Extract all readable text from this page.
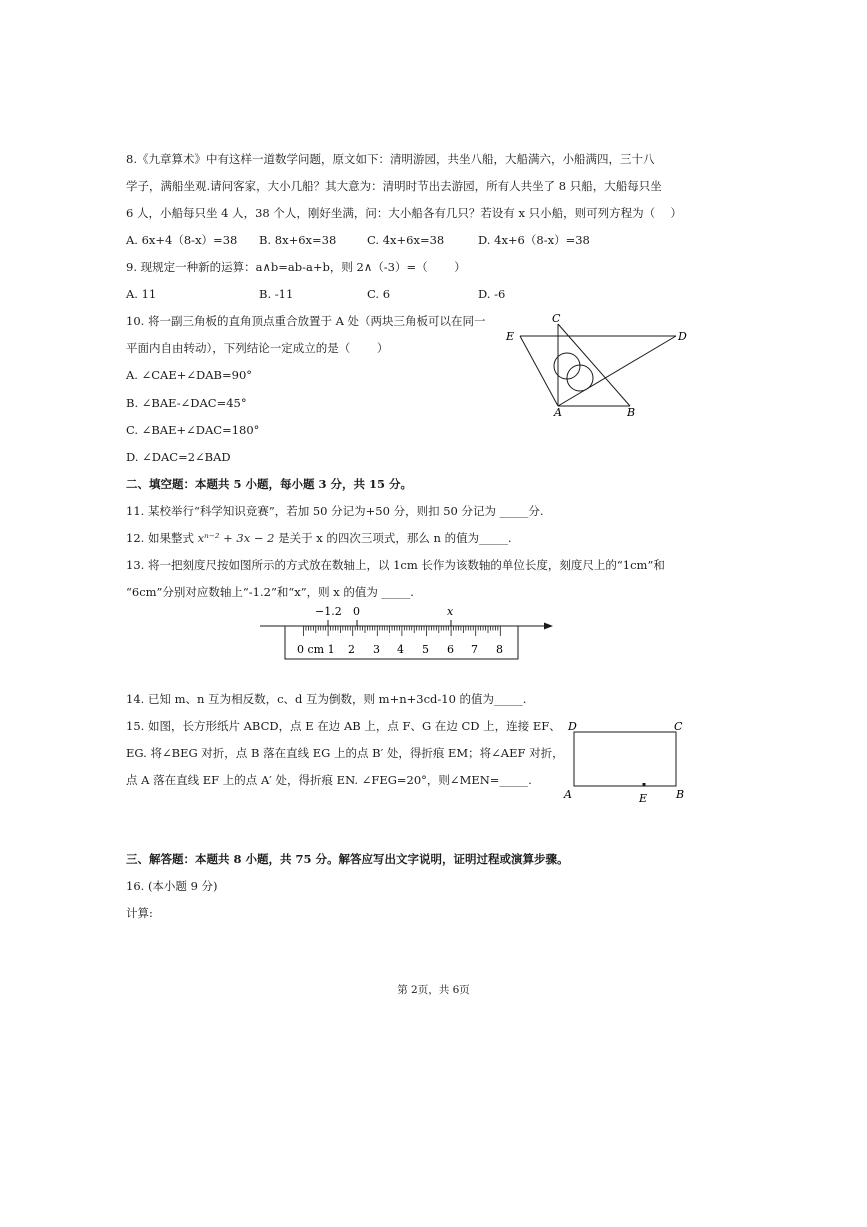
8.《九章算术》中有这样一道数学问题，原文如下：清明游园，共坐八船，大船满六，小船满四，三十八
学子，满船坐观.请问客家，大小几船？其大意为：清明时节出去游园，所有人共坐了 8 只船，大船每只坐
6 人，小船每只坐 4 人，38 个人，刚好坐满，问：大小船各有几只？若设有 x 只小船，则可列方程为（　 ）
A. 6x+4（8-x）=38 B. 8x+6x=38	C. 4x+6x=38	D. 4x+6（8-x）=38
9. 现规定一种新的运算：a∧b=ab-a+b，则 2∧（-3）=（　 　）
A. 11	B. -11	C. 6	D. -6
10. 将一副三角板的直角顶点重合放置于 A 处（两块三角板可以在同一
平面内自由转动），下列结论一定成立的是（　 　）
A. ∠CAE+∠DAB=90°
B. ∠BAE-∠DAC=45°
C. ∠BAE+∠DAC=180°
D. ∠DAC=2∠BAD
C
E	D
A	B
二、填空题：本题共 5 小题，每小题 3 分，共 15 分。
11. 某校举行“科学知识竞赛”，若加 50 分记为+50 分，则扣 50 分记为 _____分.
12. 如果整式 xⁿ⁻² + 3x − 2 是关于 x 的四次三项式，那么 n 的值为_____.
13. 将一把刻度尺按如图所示的方式放在数轴上，以 1cm 长作为该数轴的单位长度，刻度尺上的“1cm”和
“6cm”分别对应数轴上“-1.2”和“x”，则 x 的值为 _____.
−1.2 0	x
0 cm 1 2 3 4 5 6 7 8
14. 已知 m、n 互为相反数，c、d 互为倒数，则 m+n+3cd-10 的值为_____.
15. 如图，长方形纸片 ABCD，点 E 在边 AB 上，点 F、G 在边 CD 上，连接 EF、
EG. 将∠BEG 对折，点 B 落在直线 EG 上的点 B′ 处，得折痕 EM；将∠AEF 对折，
点 A 落在直线 EF 上的点 A′ 处，得折痕 EN. ∠FEG=20°，则∠MEN=_____.
D	C
A	E	B
三、解答题：本题共 8 小题，共 75 分。解答应写出文字说明，证明过程或演算步骤。
16. (本小题 9 分)
计算:
第 2页，共 6页
